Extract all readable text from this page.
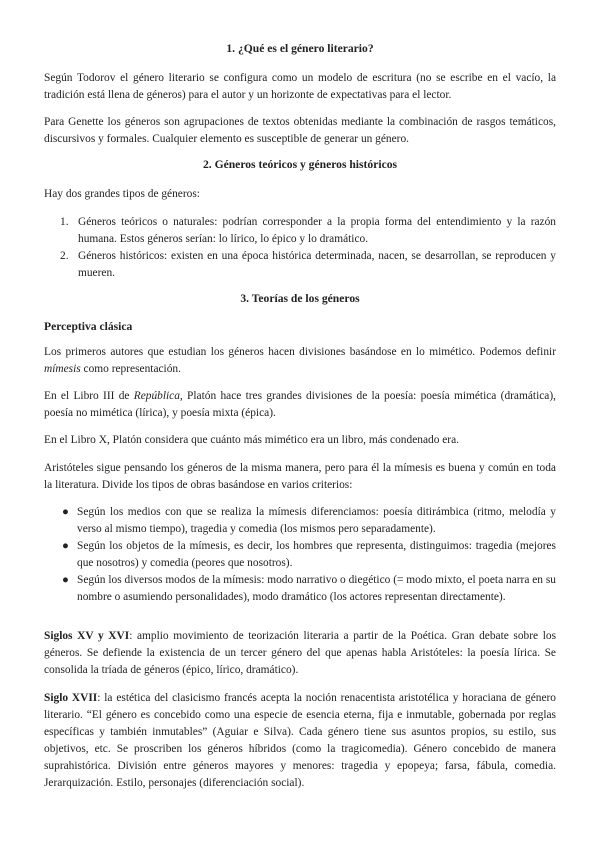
1. ¿Qué es el género literario?

Según Todorov el género literario se configura como un modelo de escritura (no se escribe en el vacío, la tradición está llena de géneros) para el autor y un horizonte de expectativas para el lector.

Para Genette los géneros son agrupaciones de textos obtenidas mediante la combinación de rasgos temáticos, discursivos y formales. Cualquier elemento es susceptible de generar un género.

2. Géneros teóricos y géneros históricos

Hay dos grandes tipos de géneros:

1. Géneros teóricos o naturales: podrían corresponder a la propia forma del entendimiento y la razón humana. Estos géneros serían: lo lírico, lo épico y lo dramático.
2. Géneros históricos: existen en una época histórica determinada, nacen, se desarrollan, se reproducen y mueren.

3. Teorías de los géneros

Perceptiva clásica

Los primeros autores que estudian los géneros hacen divisiones basándose en lo mimético. Podemos definir mímesis como representación.

En el Libro III de República, Platón hace tres grandes divisiones de la poesía: poesía mimética (dramática), poesía no mimética (lírica), y poesía mixta (épica).

En el Libro X, Platón considera que cuánto más mimético era un libro, más condenado era.

Aristóteles sigue pensando los géneros de la misma manera, pero para él la mímesis es buena y común en toda la literatura. Divide los tipos de obras basándose en varios criterios:

● Según los medios con que se realiza la mímesis diferenciamos: poesía ditirámbica (ritmo, melodía y verso al mismo tiempo), tragedia y comedia (los mismos pero separadamente).
● Según los objetos de la mímesis, es decir, los hombres que representa, distinguimos: tragedia (mejores que nosotros) y comedia (peores que nosotros).
● Según los diversos modos de la mímesis: modo narrativo o diegético (= modo mixto, el poeta narra en su nombre o asumiendo personalidades), modo dramático (los actores representan directamente).

Siglos XV y XVI: amplio movimiento de teorización literaria a partir de la Poética. Gran debate sobre los géneros. Se defiende la existencia de un tercer género del que apenas habla Aristóteles: la poesía lírica. Se consolida la tríada de géneros (épico, lírico, dramático).

Siglo XVII: la estética del clasicismo francés acepta la noción renacentista aristotélica y horaciana de género literario. “El género es concebido como una especie de esencia eterna, fija e inmutable, gobernada por reglas específicas y también inmutables” (Aguiar e Silva). Cada género tiene sus asuntos propios, su estilo, sus objetivos, etc. Se proscriben los géneros híbridos (como la tragicomedia). Género concebido de manera suprahistórica. División entre géneros mayores y menores: tragedia y epopeya; farsa, fábula, comedia. Jerarquización. Estilo, personajes (diferenciación social).
